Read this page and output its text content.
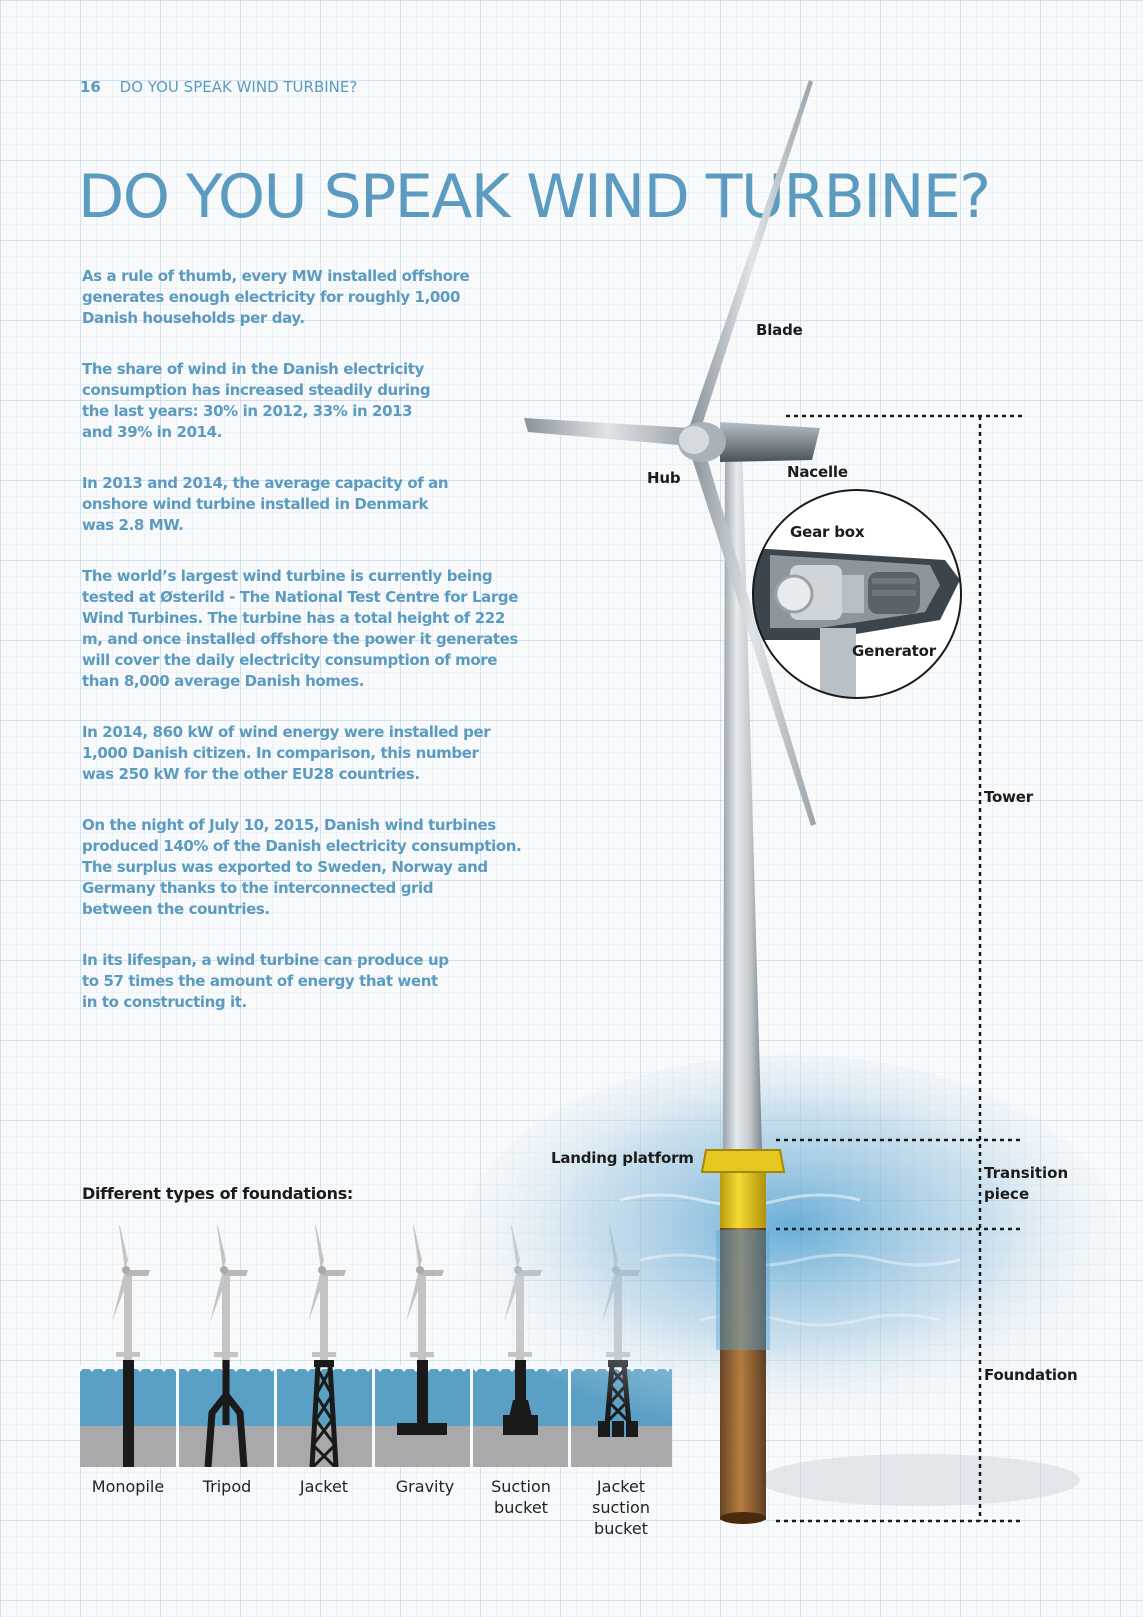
16 DO YOU SPEAK WIND TURBINE?
DO YOU SPEAK WIND TURBINE?

As a rule of thumb, every MW installed offshore
generates enough electricity for roughly 1,000
Danish households per day.

The share of wind in the Danish electricity
consumption has increased steadily during
the last years: 30% in 2012, 33% in 2013
and 39% in 2014.

In 2013 and 2014, the average capacity of an
onshore wind turbine installed in Denmark
was 2.8 MW.

The world’s largest wind turbine is currently being
tested at Østerild - The National Test Centre for Large
Wind Turbines. The turbine has a total height of 222
m, and once installed offshore the power it generates
will cover the daily electricity consumption of more
than 8,000 average Danish homes.

In 2014, 860 kW of wind energy were installed per
1,000 Danish citizen. In comparison, this number
was 250 kW for the other EU28 countries.

On the night of July 10, 2015, Danish wind turbines
produced 140% of the Danish electricity consumption.
The surplus was exported to Sweden, Norway and
Germany thanks to the interconnected grid
between the countries.

In its lifespan, a wind turbine can produce up
to 57 times the amount of energy that went
in to constructing it.

Different types of foundations:
Monopile	Tripod	Jacket	Gravity	Suction
bucket
Jacket
suction
bucket
Blade
Hub	Nacelle
Gear box
Generator
Tower
Landing platform
Transition
piece
Foundation
